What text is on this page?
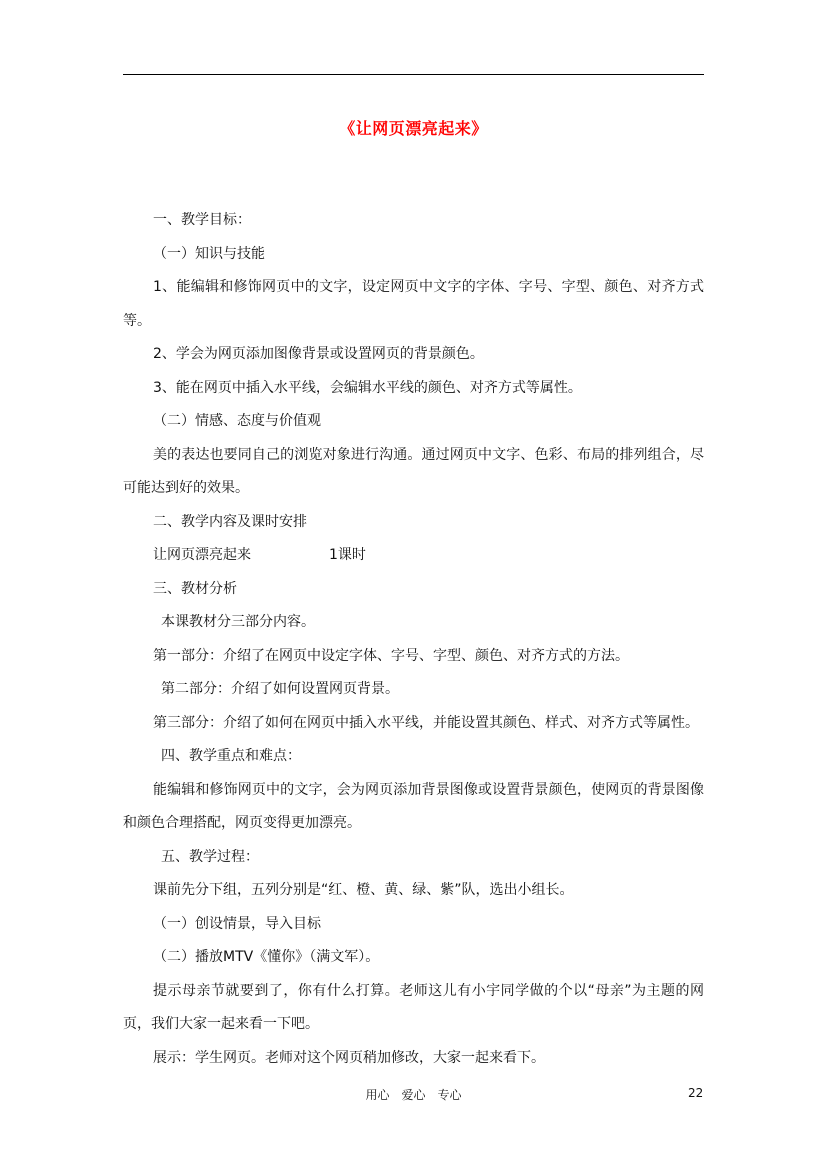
《让网页漂亮起来》

一、教学目标：

（一）知识与技能

1、能编辑和修饰网页中的文字，设定网页中文字的字体、字号、字型、颜色、对齐方式等。

2、学会为网页添加图像背景或设置网页的背景颜色。

3、能在网页中插入水平线，会编辑水平线的颜色、对齐方式等属性。

（二）情感、态度与价值观

美的表达也要同自己的浏览对象进行沟通。通过网页中文字、色彩、布局的排列组合，尽可能达到好的效果。

二、教学内容及课时安排

让网页漂亮起来	1课时

三、教材分析

本课教材分三部分内容。

第一部分：介绍了在网页中设定字体、字号、字型、颜色、对齐方式的方法。

第二部分：介绍了如何设置网页背景。

第三部分：介绍了如何在网页中插入水平线，并能设置其颜色、样式、对齐方式等属性。

四、教学重点和难点：

能编辑和修饰网页中的文字，会为网页添加背景图像或设置背景颜色，使网页的背景图像和颜色合理搭配，网页变得更加漂亮。

五、教学过程：

课前先分下组，五列分别是“红、橙、黄、绿、紫”队，选出小组长。

（一）创设情景，导入目标

（二）播放MTV《懂你》（满文军）。

提示母亲节就要到了，你有什么打算。老师这儿有小宇同学做的个以“母亲”为主题的网页，我们大家一起来看一下吧。

展示：学生网页。老师对这个网页稍加修改，大家一起来看下。

用心　爱心　专心	22
